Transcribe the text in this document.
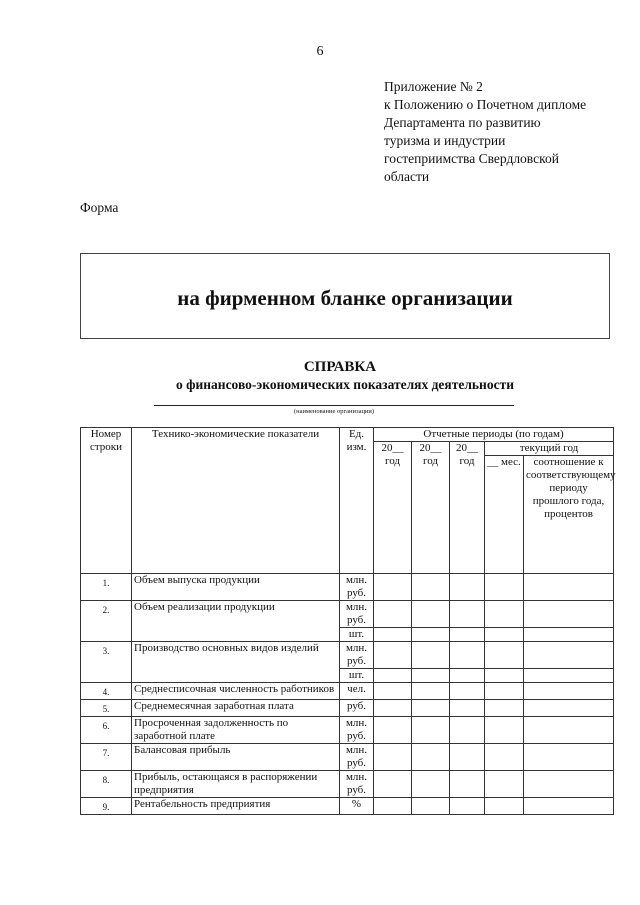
6
Приложение № 2
к Положению о Почетном дипломе
Департамента по развитию
туризма и индустрии
гостеприимства Свердловской
области
Форма
на фирменном бланке организации
СПРАВКА
о финансово-экономических показателях деятельности
(наименование организации)
Номер строки	Технико-экономические показатели	Ед. изм.	Отчетные периоды (по годам)				
			20__ год	20__ год	20__ год	текущий год	
						__ мес.	соотношение к соответствующему периоду прошлого года, процентов
1.	Объем выпуска продукции	млн. руб.					
2.	Объем реализации продукции	млн. руб.					
		шт.					
3.	Производство основных видов изделий	млн. руб.					
		шт.					
4.	Среднесписочная численность работников	чел.					
5.	Среднемесячная заработная плата	руб.					
6.	Просроченная задолженность по заработной плате	млн. руб.					
7.	Балансовая прибыль	млн. руб.					
8.	Прибыль, остающаяся в распоряжении предприятия	млн. руб.					
9.	Рентабельность предприятия	%					
